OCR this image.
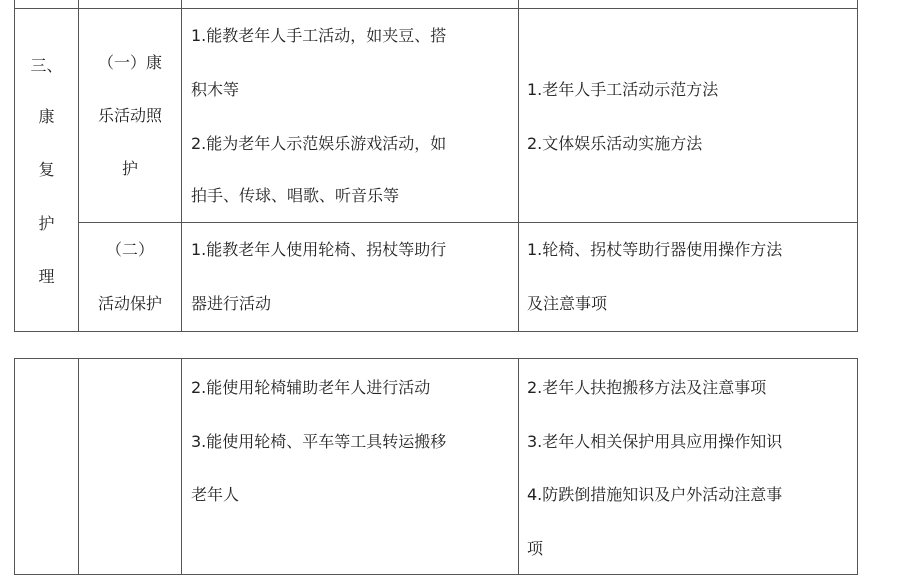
三、
康
复
护
理
（一）康
乐活动照
护
1.能教老年人手工活动，如夹豆、搭
积木等
2.能为老年人示范娱乐游戏活动，如
拍手、传球、唱歌、听音乐等
1.老年人手工活动示范方法
2.文体娱乐活动实施方法
（二）
活动保护
1.能教老年人使用轮椅、拐杖等助行
器进行活动
1.轮椅、拐杖等助行器使用操作方法
及注意事项
2.能使用轮椅辅助老年人进行活动
3.能使用轮椅、平车等工具转运搬移
老年人
2.老年人扶抱搬移方法及注意事项
3.老年人相关保护用具应用操作知识
4.防跌倒措施知识及户外活动注意事
项
